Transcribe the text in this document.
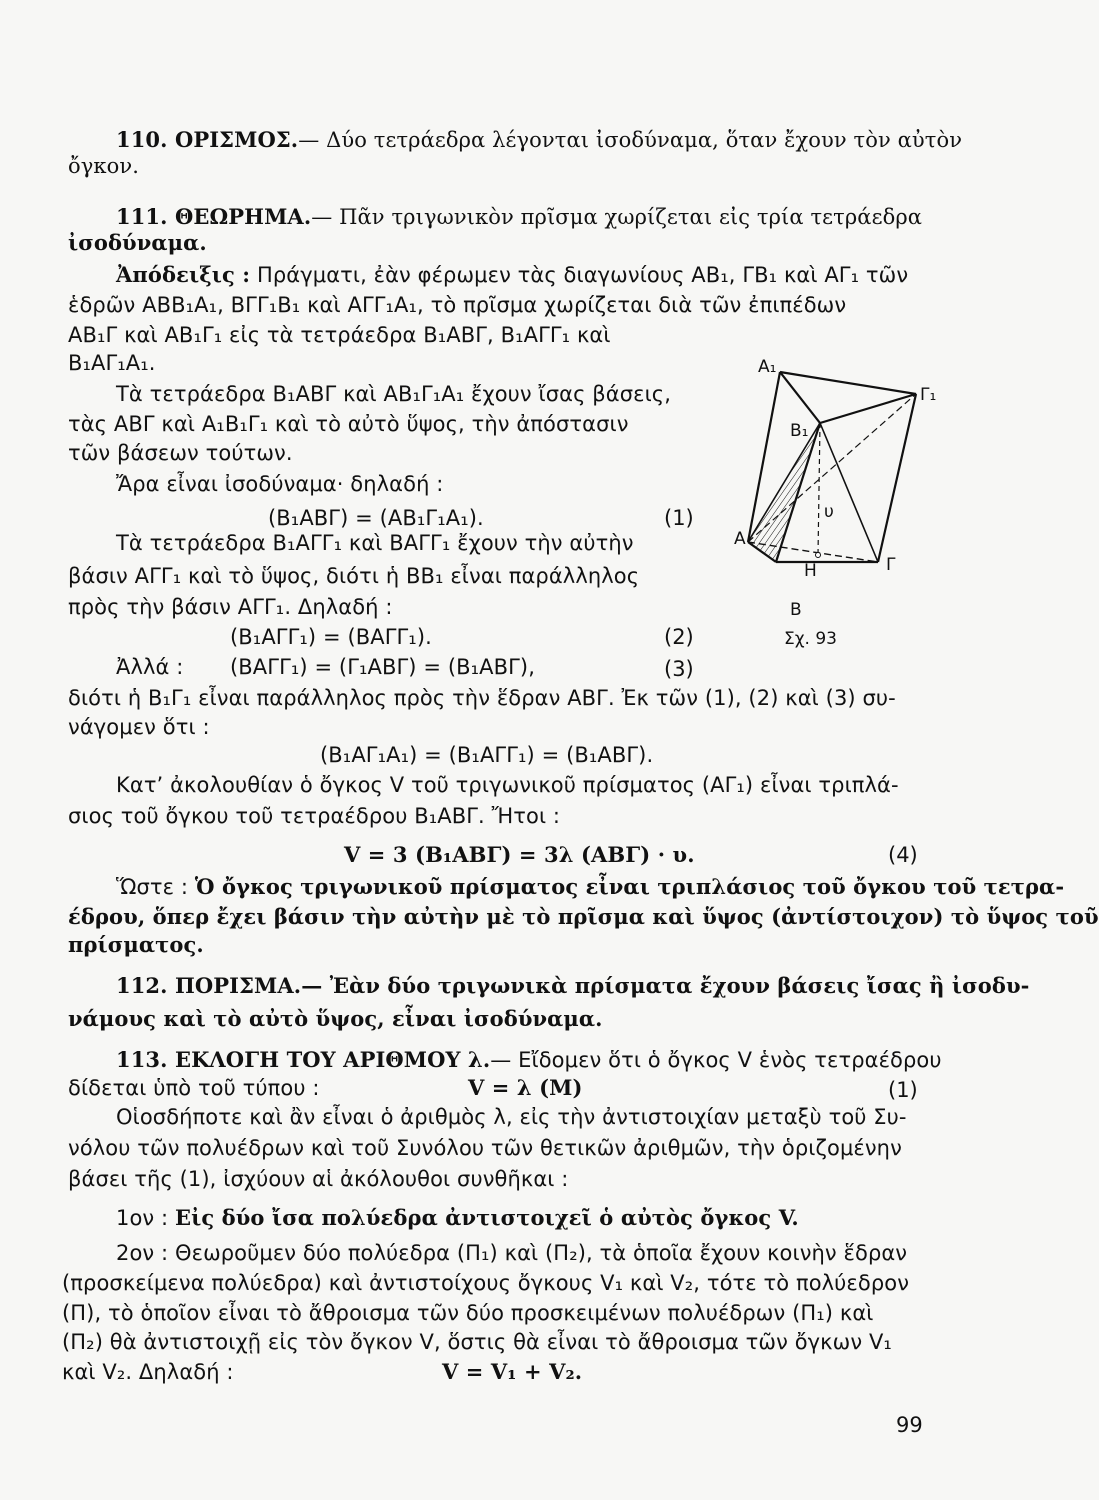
110. ΟΡΙΣΜΟΣ.— Δύο τετράεδρα λέγονται ἰσοδύναμα, ὅταν ἔχουν τὸν αὐτὸν
ὄγκον.
111. ΘΕΩΡΗΜΑ.— Πᾶν τριγωνικὸν πρῖσμα χωρίζεται εἰς τρία τετράεδρα
ἰσοδύναμα.
Ἀπόδειξις : Πράγματι, ἐὰν φέρωμεν τὰς διαγωνίους ΑΒ₁, ΓΒ₁ καὶ ΑΓ₁ τῶν
ἑδρῶν ΑΒΒ₁Α₁, ΒΓΓ₁Β₁ καὶ ΑΓΓ₁Α₁, τὸ πρῖσμα χωρίζεται διὰ τῶν ἐπιπέδων
ΑΒ₁Γ καὶ ΑΒ₁Γ₁ εἰς τὰ τετράεδρα Β₁ΑΒΓ, Β₁ΑΓΓ₁ καὶ
Β₁ΑΓ₁Α₁.
Τὰ τετράεδρα Β₁ΑΒΓ καὶ ΑΒ₁Γ₁Α₁ ἔχουν ἴσας βάσεις,
τὰς ΑΒΓ καὶ Α₁Β₁Γ₁ καὶ τὸ αὐτὸ ὕψος, τὴν ἀπόστασιν
τῶν βάσεων τούτων.
Ἄρα εἶναι ἰσοδύναμα· δηλαδή :
(Β₁ΑΒΓ) = (ΑΒ₁Γ₁Α₁).	(1)
Τὰ τετράεδρα Β₁ΑΓΓ₁ καὶ ΒΑΓΓ₁ ἔχουν τὴν αὐτὴν
βάσιν ΑΓΓ₁ καὶ τὸ ὕψος, διότι ἡ ΒΒ₁ εἶναι παράλληλος
πρὸς τὴν βάσιν ΑΓΓ₁. Δηλαδή :
(Β₁ΑΓΓ₁) = (ΒΑΓΓ₁).	(2)
Ἀλλά : (ΒΑΓΓ₁) = (Γ₁ΑΒΓ) = (Β₁ΑΒΓ),	(3)
διότι ἡ Β₁Γ₁ εἶναι παράλληλος πρὸς τὴν ἕδραν ΑΒΓ. Ἐκ τῶν (1), (2) καὶ (3) συ-
νάγομεν ὅτι :
(Β₁ΑΓ₁Α₁) = (Β₁ΑΓΓ₁) = (Β₁ΑΒΓ).
Κατ’ ἀκολουθίαν ὁ ὄγκος V τοῦ τριγωνικοῦ πρίσματος (ΑΓ₁) εἶναι τριπλά-
σιος τοῦ ὄγκου τοῦ τετραέδρου Β₁ΑΒΓ. Ἤτοι :
V = 3 (Β₁ΑΒΓ) = 3λ (ΑΒΓ) · υ.	(4)
Ὥστε : Ὁ ὄγκος τριγωνικοῦ πρίσματος εἶναι τριπλάσιος τοῦ ὄγκου τοῦ τετρα-
έδρου, ὅπερ ἔχει βάσιν τὴν αὐτὴν μὲ τὸ πρῖσμα καὶ ὕψος (ἀντίστοιχον) τὸ ὕψος τοῦ
πρίσματος.
112. ΠΟΡΙΣΜΑ.— Ἐὰν δύο τριγωνικὰ πρίσματα ἔχουν βάσεις ἴσας ἢ ἰσοδυ-
νάμους καὶ τὸ αὐτὸ ὕψος, εἶναι ἰσοδύναμα.
113. ΕΚΛΟΓΗ ΤΟΥ ΑΡΙΘΜΟΥ λ.— Εἴδομεν ὅτι ὁ ὄγκος V ἑνὸς τετραέδρου
δίδεται ὑπὸ τοῦ τύπου :	V = λ (Μ)	(1)
Οἱοσδήποτε καὶ ἂν εἶναι ὁ ἀριθμὸς λ, εἰς τὴν ἀντιστοιχίαν μεταξὺ τοῦ Συ-
νόλου τῶν πολυέδρων καὶ τοῦ Συνόλου τῶν θετικῶν ἀριθμῶν, τὴν ὁριζομένην
βάσει τῆς (1), ἰσχύουν αἱ ἀκόλουθοι συνθῆκαι :
1ον : Εἰς δύο ἴσα πολύεδρα ἀντιστοιχεῖ ὁ αὐτὸς ὄγκος V.
2ον : Θεωροῦμεν δύο πολύεδρα (Π₁) καὶ (Π₂), τὰ ὁποῖα ἔχουν κοινὴν ἕδραν
(προσκείμενα πολύεδρα) καὶ ἀντιστοίχους ὄγκους V₁ καὶ V₂, τότε τὸ πολύεδρον
(Π), τὸ ὁποῖον εἶναι τὸ ἄθροισμα τῶν δύο προσκειμένων πολυέδρων (Π₁) καὶ
(Π₂) θὰ ἀντιστοιχῇ εἰς τὸν ὄγκον V, ὅστις θὰ εἶναι τὸ ἄθροισμα τῶν ὄγκων V₁
καὶ V₂. Δηλαδή :	V = V₁ + V₂.
Α₁
Γ₁
Β₁
Α
υ
Η	Γ
Β
Σχ. 93
99
